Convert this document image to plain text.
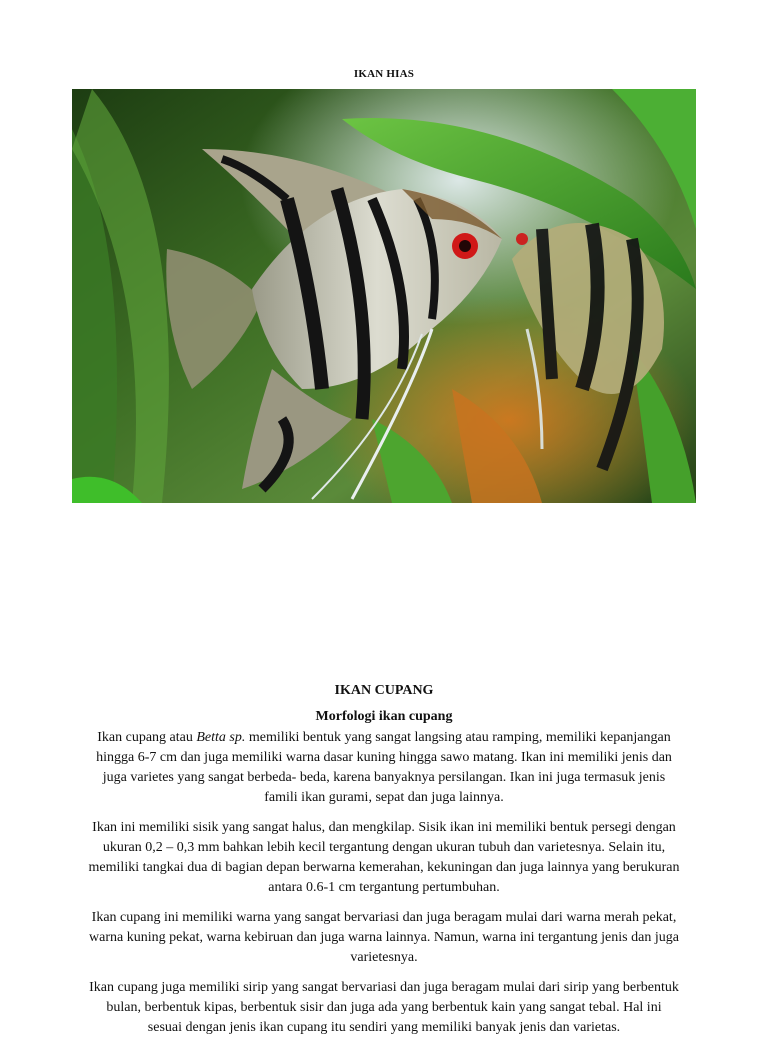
IKAN HIAS
IKAN CUPANG
Morfologi ikan cupang

Ikan cupang atau Betta sp. memiliki bentuk yang sangat langsing atau ramping, memiliki kepanjangan hingga 6-7 cm dan juga memiliki warna dasar kuning hingga sawo matang. Ikan ini memiliki jenis dan juga varietes yang sangat berbeda- beda, karena banyaknya persilangan. Ikan ini juga termasuk jenis famili ikan gurami, sepat dan juga lainnya.

Ikan ini memiliki sisik yang sangat halus, dan mengkilap. Sisik ikan ini memiliki bentuk persegi dengan ukuran 0,2 – 0,3 mm bahkan lebih kecil tergantung dengan ukuran tubuh dan varietesnya. Selain itu, memiliki tangkai dua di bagian depan berwarna kemerahan, kekuningan dan juga lainnya yang berukuran antara 0.6-1 cm tergantung pertumbuhan.

Ikan cupang ini memiliki warna yang sangat bervariasi dan juga beragam mulai dari warna merah pekat, warna kuning pekat, warna kebiruan dan juga warna lainnya. Namun, warna ini tergantung jenis dan juga varietesnya.

Ikan cupang juga memiliki sirip yang sangat bervariasi dan juga beragam mulai dari sirip yang berbentuk bulan, berbentuk kipas, berbentuk sisir dan juga ada yang berbentuk kain yang sangat tebal. Hal ini sesuai dengan jenis ikan cupang itu sendiri yang memiliki banyak jenis dan varietas.
